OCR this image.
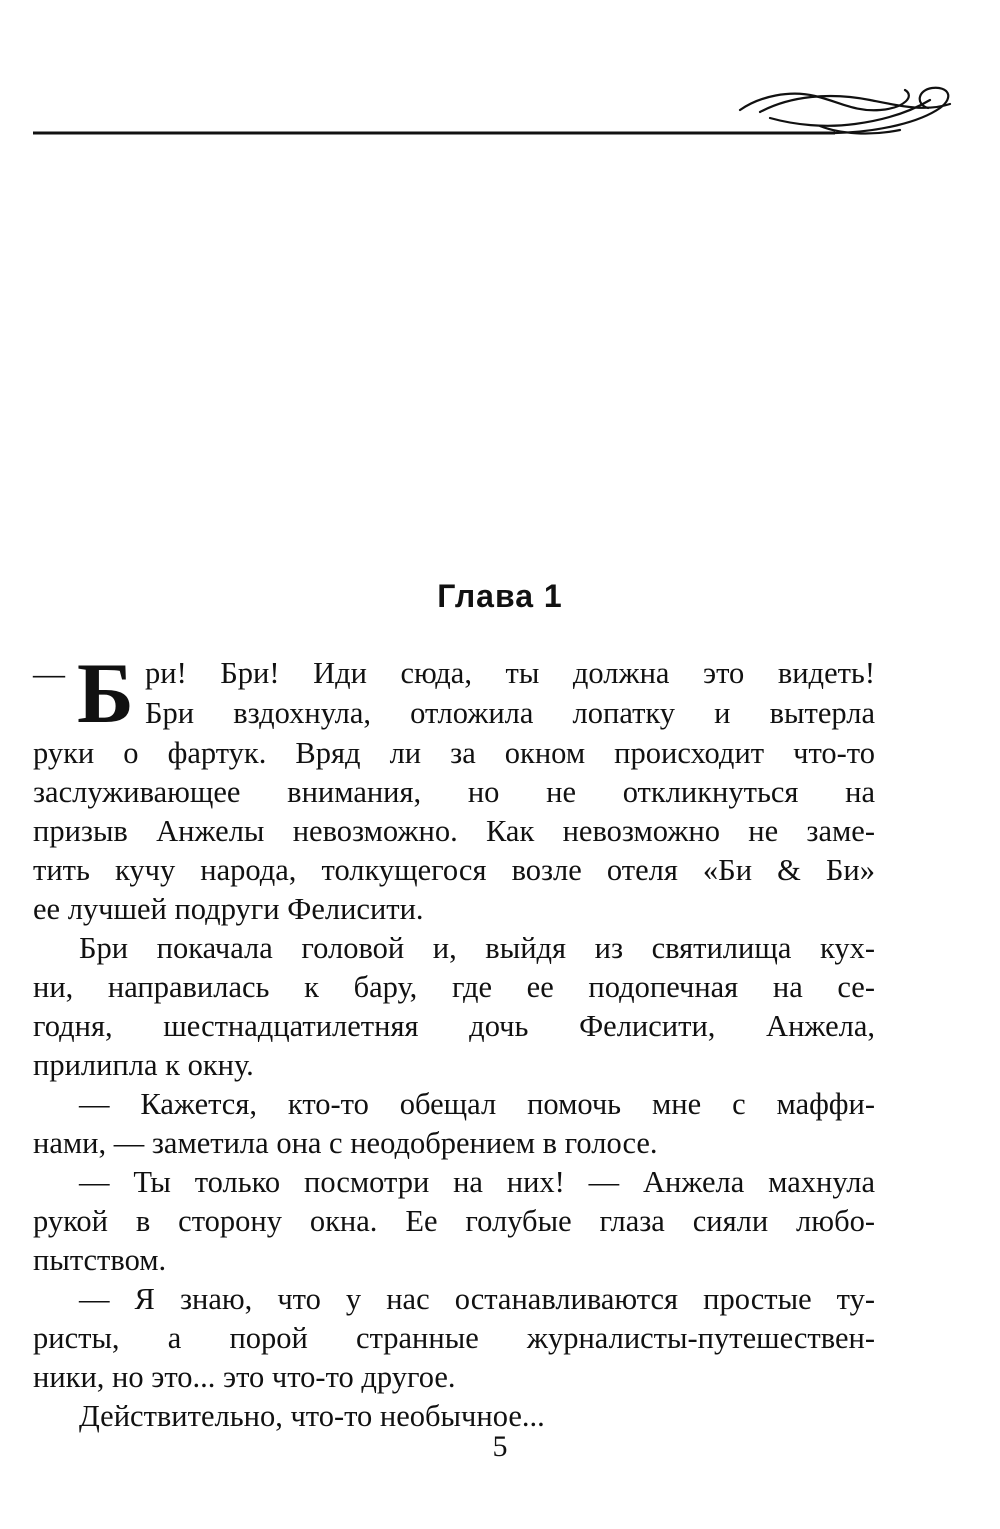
Глава 1
— Б ри! Бри! Иди сюда, ты должна это видеть!

Бри вздохнула, отложила лопатку и вытерла

руки о фартук. Вряд ли за окном происходит что-то

заслуживающее внимания, но не откликнуться на

призыв Анжелы невозможно. Как невозможно не заме-

тить кучу народа, толкущегося возле отеля «Би & Би»

ее лучшей подруги Фелисити.

Бри покачала головой и, выйдя из святилища кух-

ни, направилась к бару, где ее подопечная на се-

годня, шестнадцатилетняя дочь Фелисити, Анжела,

прилипла к окну.

— Кажется, кто-то обещал помочь мне с маффи-

нами, — заметила она с неодобрением в голосе.

— Ты только посмотри на них! — Анжела махнула

рукой в сторону окна. Ее голубые глаза сияли любо-

пытством.

— Я знаю, что у нас останавливаются простые ту-

ристы, а порой странные журналисты-путешествен-

ники, но это... это что-то другое.

Действительно, что-то необычное...

5
